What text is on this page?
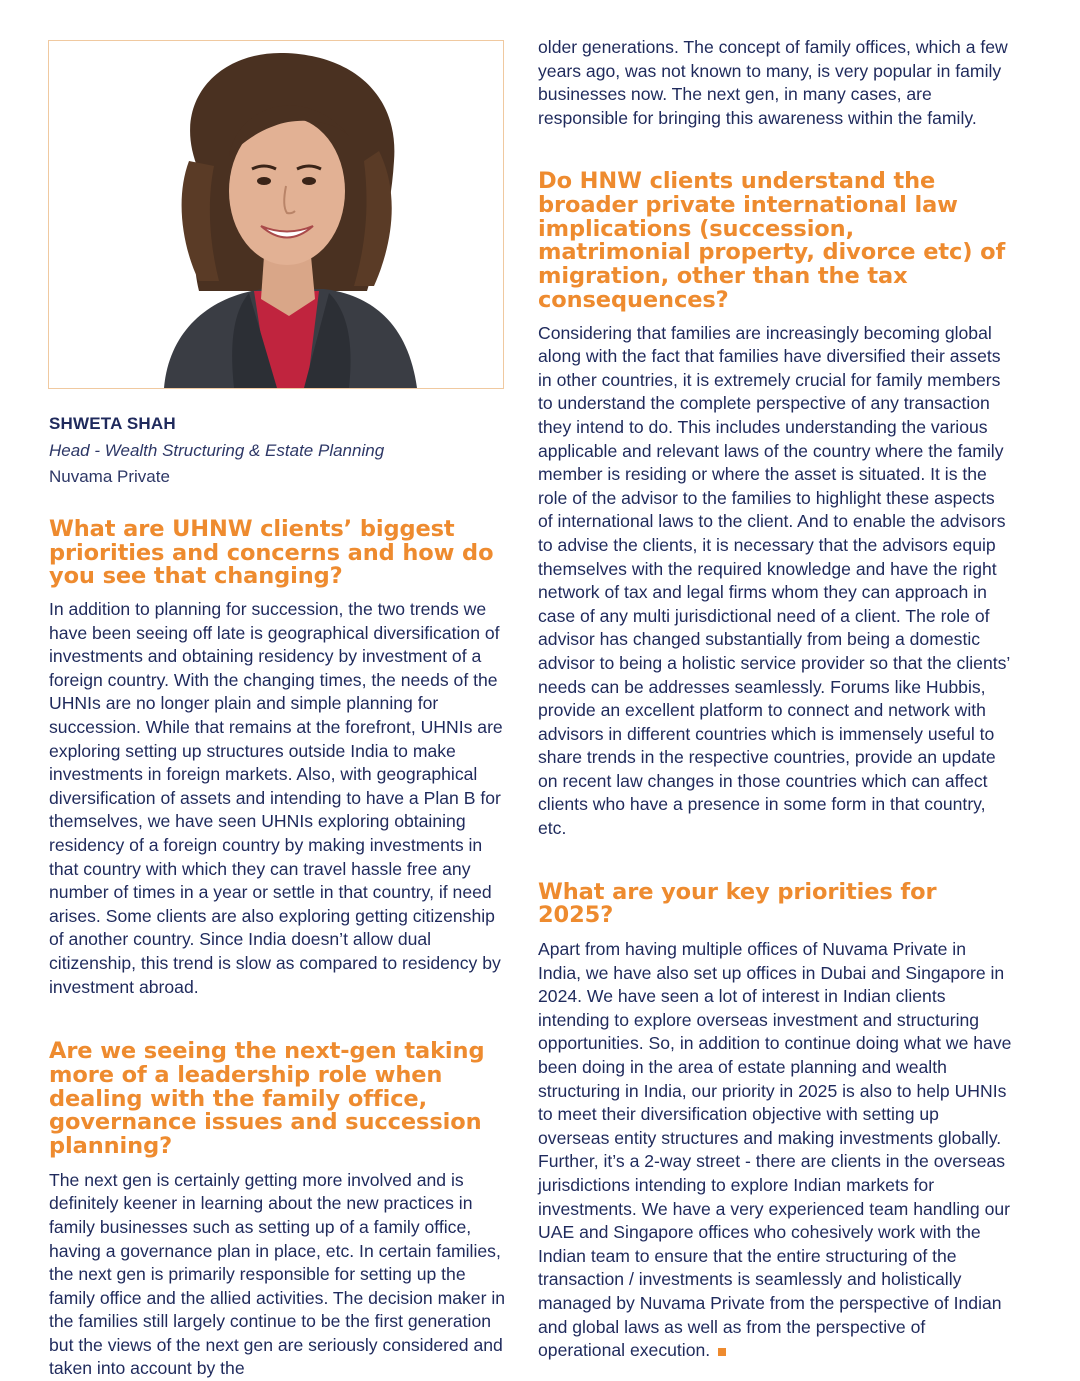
SHWETA SHAH

Head - Wealth Structuring & Estate Planning

Nuvama Private

What are UHNW clients’ biggest priorities and concerns and how do you see that changing?

In addition to planning for succession, the two trends we have been seeing off late is geographical diversification of investments and obtaining residency by investment of a foreign country. With the changing times, the needs of the UHNIs are no longer plain and simple planning for succession. While that remains at the forefront, UHNIs are exploring setting up structures outside India to make investments in foreign markets. Also, with geographical diversification of assets and intending to have a Plan B for themselves, we have seen UHNIs exploring obtaining residency of a foreign country by making investments in that country with which they can travel hassle free any number of times in a year or settle in that country, if need arises. Some clients are also exploring getting citizenship of another country. Since India doesn’t allow dual citizenship, this trend is slow as compared to residency by investment abroad.

Are we seeing the next-gen taking more of a leadership role when dealing with the family office, governance issues and succession planning?

The next gen is certainly getting more involved and is definitely keener in learning about the new practices in family businesses such as setting up of a family office, having a governance plan in place, etc. In certain families, the next gen is primarily responsible for setting up the family office and the allied activities. The decision maker in the families still largely continue to be the first generation but the views of the next gen are seriously considered and taken into account by the

older generations. The concept of family offices, which a few years ago, was not known to many, is very popular in family businesses now. The next gen, in many cases, are responsible for bringing this awareness within the family.

Do HNW clients understand the broader private international law implications (succession, matrimonial property, divorce etc) of migration, other than the tax consequences?

Considering that families are increasingly becoming global along with the fact that families have diversified their assets in other countries, it is extremely crucial for family members to understand the complete perspective of any transaction they intend to do. This includes understanding the various applicable and relevant laws of the country where the family member is residing or where the asset is situated. It is the role of the advisor to the families to highlight these aspects of international laws to the client. And to enable the advisors to advise the clients, it is necessary that the advisors equip themselves with the required knowledge and have the right network of tax and legal firms whom they can approach in case of any multi jurisdictional need of a client. The role of advisor has changed substantially from being a domestic advisor to being a holistic service provider so that the clients’ needs can be addresses seamlessly. Forums like Hubbis, provide an excellent platform to connect and network with advisors in different countries which is immensely useful to share trends in the respective countries, provide an update on recent law changes in those countries which can affect clients who have a presence in some form in that country, etc.

What are your key priorities for 2025?

Apart from having multiple offices of Nuvama Private in India, we have also set up offices in Dubai and Singapore in 2024. We have seen a lot of interest in Indian clients intending to explore overseas investment and structuring opportunities. So, in addition to continue doing what we have been doing in the area of estate planning and wealth structuring in India, our priority in 2025 is also to help UHNIs to meet their diversification objective with setting up overseas entity structures and making investments globally. Further, it’s a 2-way street - there are clients in the overseas jurisdictions intending to explore Indian markets for investments. We have a very experienced team handling our UAE and Singapore offices who cohesively work with the Indian team to ensure that the entire structuring of the transaction / investments is seamlessly and holistically managed by Nuvama Private from the perspective of Indian and global laws as well as from the perspective of operational execution.
